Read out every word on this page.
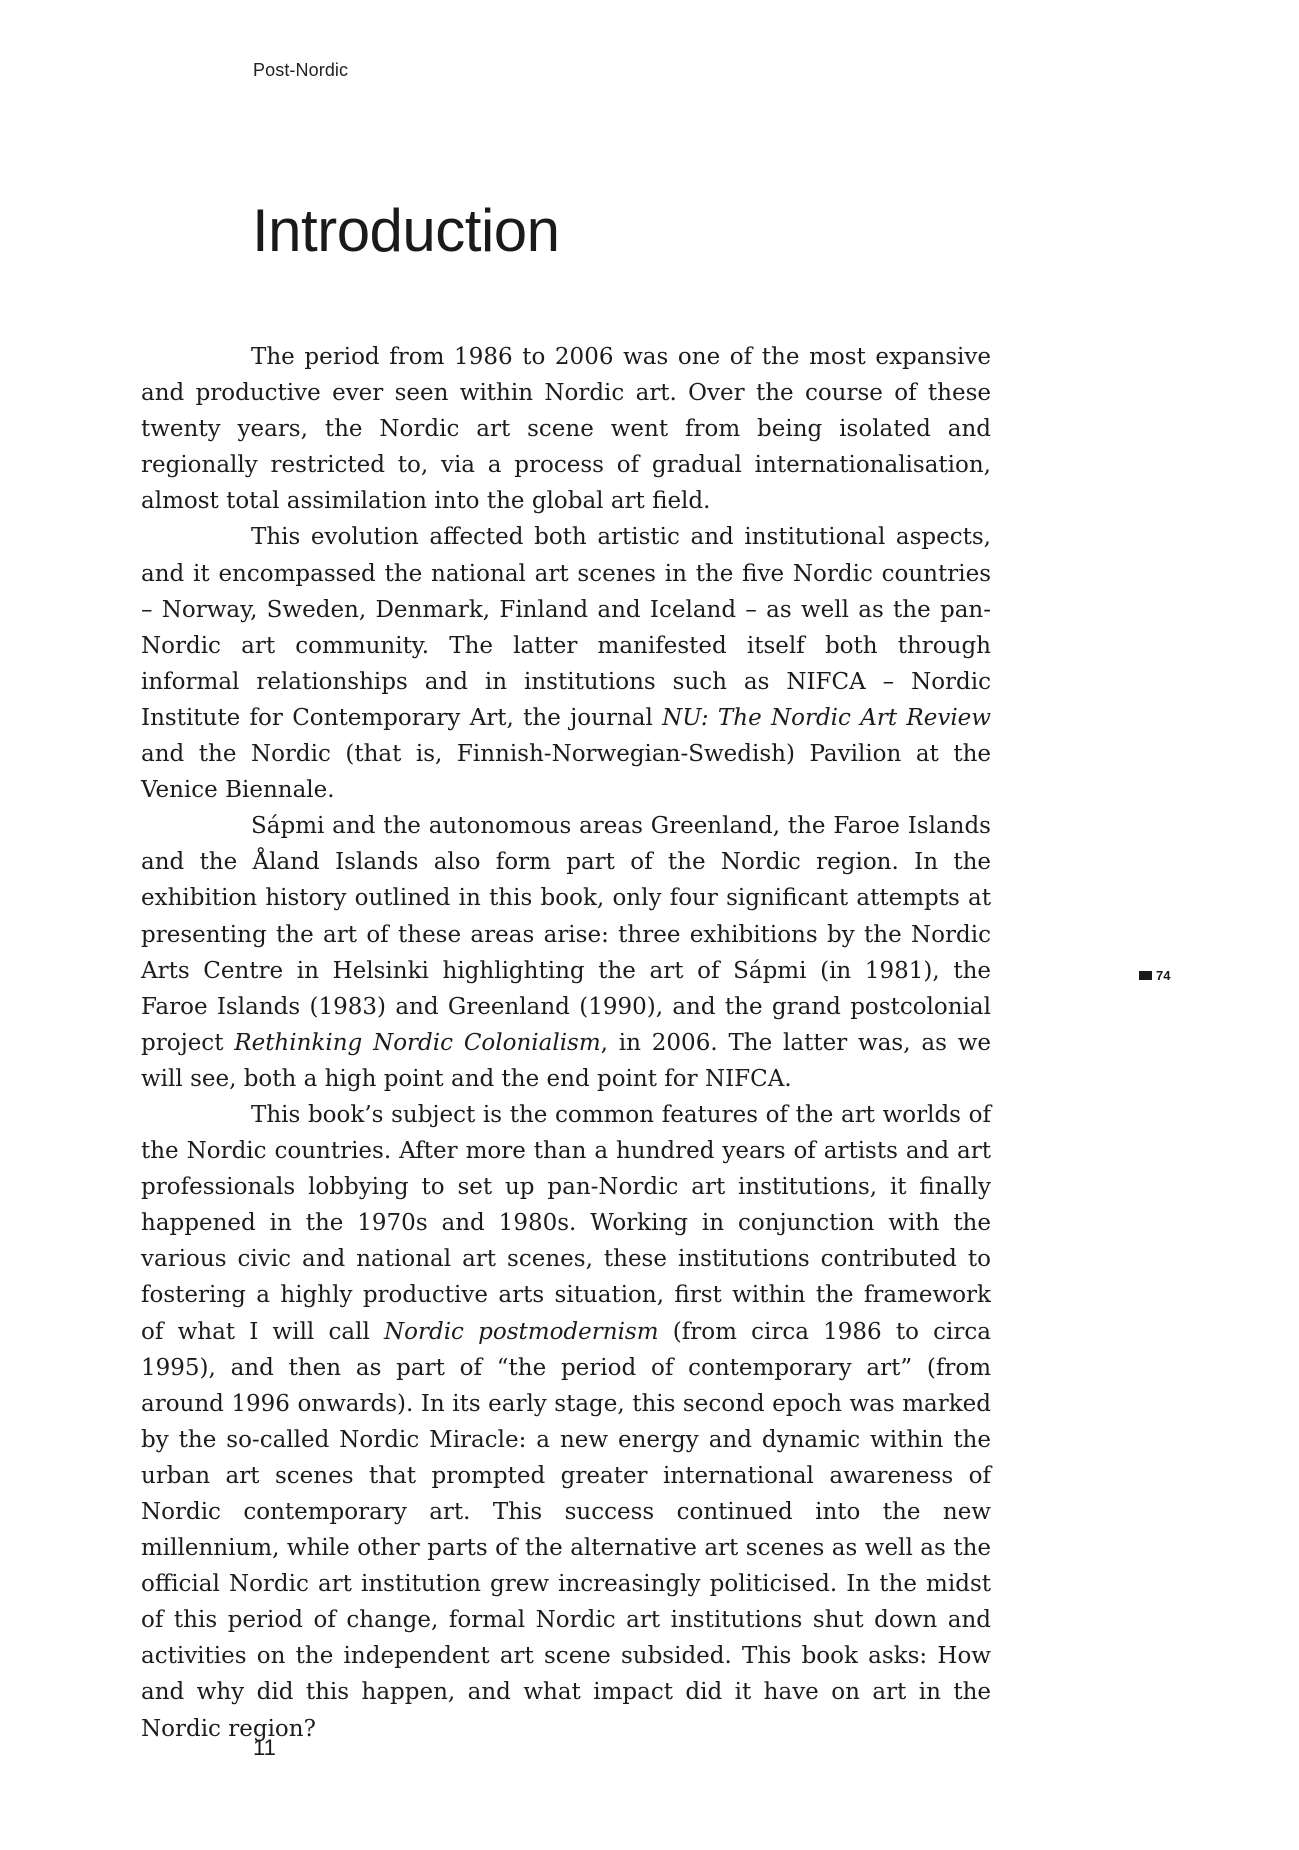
Post-Nordic
Introduction

The period from 1986 to 2006 was one of the most expansive and productive ever seen within Nordic art. Over the course of these twenty years, the Nordic art scene went from being isolated and regionally restricted to, via a process of gradual internationalisation, almost total assimilation into the global art field.

This evolution affected both artistic and institutional aspects, and it encompassed the national art scenes in the five Nordic countries – Norway, Sweden, Denmark, Finland and Iceland – as well as the pan-Nordic art community. The latter manifested itself both through informal relationships and in institutions such as NIFCA – Nordic Institute for Contemporary Art, the journal NU: The Nordic Art Review and the Nordic (that is, Finnish-Norwegian-Swedish) Pavilion at the Venice Biennale.

Sápmi and the autonomous areas Greenland, the Faroe Islands and the Åland Islands also form part of the Nordic region. In the exhibition history outlined in this book, only four significant attempts at presenting the art of these areas arise: three exhibitions by the Nordic Arts Centre in Helsinki highlighting the art of Sápmi (in 1981), the Faroe Islands (1983) and Greenland (1990), and the grand postcolonial project Rethinking Nordic Colonialism, in 2006. The latter was, as we will see, both a high point and the end point for NIFCA.

This book’s subject is the common features of the art worlds of the Nordic countries. After more than a hundred years of artists and art professionals lobbying to set up pan-Nordic art institutions, it finally happened in the 1970s and 1980s. Working in conjunction with the various civic and national art scenes, these institutions contributed to fostering a highly productive arts situation, first within the framework of what I will call Nordic postmodernism (from circa 1986 to circa 1995), and then as part of “the period of contemporary art” (from around 1996 onwards). In its early stage, this second epoch was marked by the so-called Nordic Miracle: a new energy and dynamic within the urban art scenes that prompted greater international awareness of Nordic contemporary art. This success continued into the new millennium, while other parts of the alternative art scenes as well as the official Nordic art institution grew increasingly politicised. In the midst of this period of change, formal Nordic art institutions shut down and activities on the independent art scene subsided. This book asks: How and why did this happen, and what impact did it have on art in the Nordic region?

74
11
